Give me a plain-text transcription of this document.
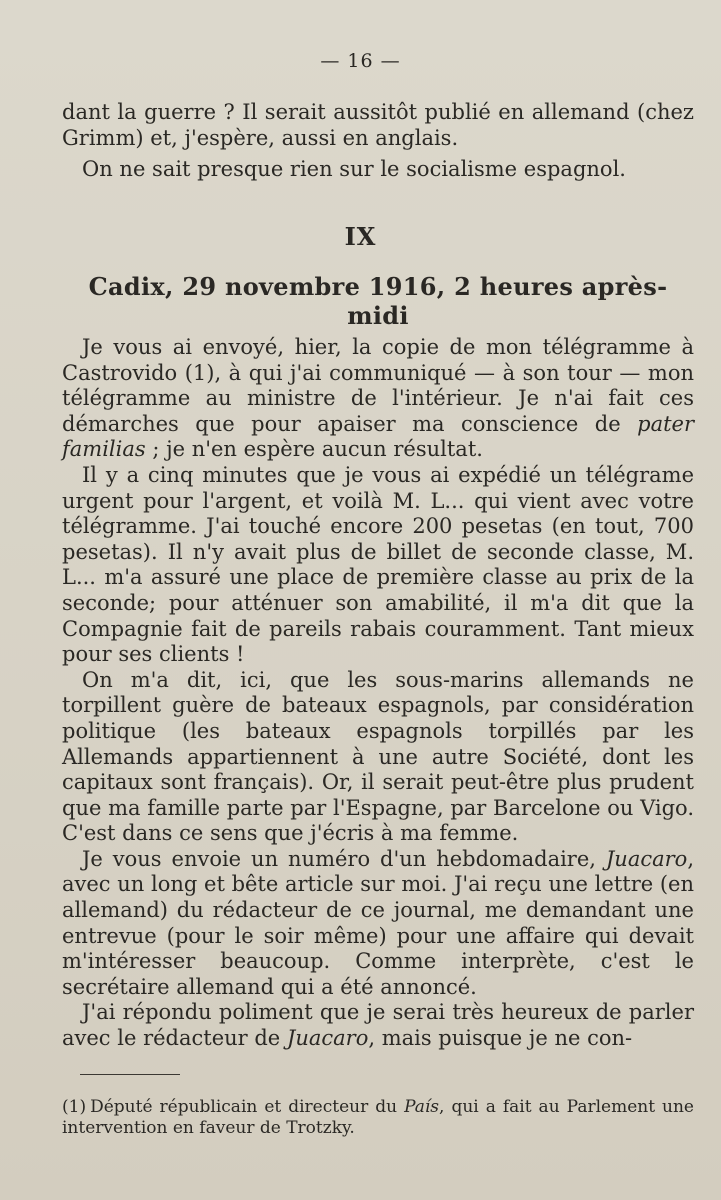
— 16 —

dant la guerre ? Il serait aussitôt publié en allemand (chez Grimm) et, j'espère, aussi en anglais.

On ne sait presque rien sur le socialisme espagnol.

IX
Cadix, 29 novembre 1916, 2 heures après-midi

Je vous ai envoyé, hier, la copie de mon télégramme à Castrovido (1), à qui j'ai communiqué — à son tour — mon télégramme au ministre de l'intérieur. Je n'ai fait ces démarches que pour apaiser ma conscience de pater familias ; je n'en espère aucun résultat.

Il y a cinq minutes que je vous ai expédié un télégrame urgent pour l'argent, et voilà M. L... qui vient avec votre télégramme. J'ai touché encore 200 pesetas (en tout, 700 pesetas). Il n'y avait plus de billet de seconde classe, M. L... m'a assuré une place de première classe au prix de la seconde; pour atténuer son amabilité, il m'a dit que la Compagnie fait de pareils rabais couramment. Tant mieux pour ses clients !

On m'a dit, ici, que les sous-marins allemands ne torpillent guère de bateaux espagnols, par considération politique (les bateaux espagnols torpillés par les Allemands appartiennent à une autre Société, dont les capitaux sont français). Or, il serait peut-être plus prudent que ma famille parte par l'Espagne, par Barcelone ou Vigo. C'est dans ce sens que j'écris à ma femme.

Je vous envoie un numéro d'un hebdomadaire, Juacaro, avec un long et bête article sur moi. J'ai reçu une lettre (en allemand) du rédacteur de ce journal, me demandant une entrevue (pour le soir même) pour une affaire qui devait m'intéresser beaucoup. Comme interprète, c'est le secrétaire allemand qui a été annoncé.

J'ai répondu poliment que je serai très heureux de parler avec le rédacteur de Juacaro, mais puisque je ne con-

(1) Député républicain et directeur du País, qui a fait au Parlement une intervention en faveur de Trotzky.
